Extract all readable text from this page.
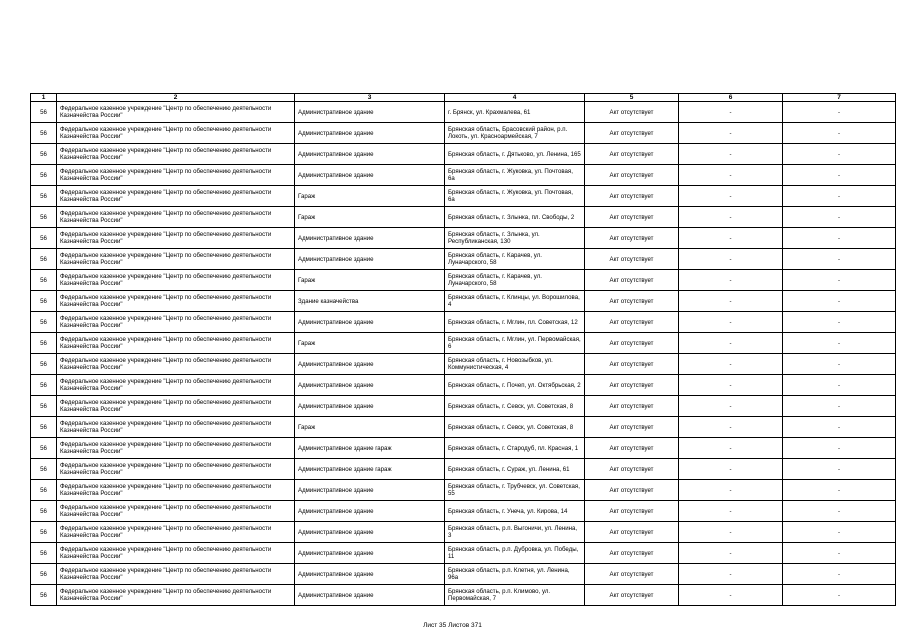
1	2	3	4	5	6	7
56	Федеральное казенное учреждение "Центр по обеспечению деятельности Казначейства России"	Административное здание	г. Брянск, ул. Крахмалева, 61	Акт отсутствует	-	-
56	Федеральное казенное учреждение "Центр по обеспечению деятельности Казначейства России"	Административное здание	Брянская область, Брасовский район, р.п. Локоть, ул. Красноармейская, 7	Акт отсутствует	-	-
56	Федеральное казенное учреждение "Центр по обеспечению деятельности Казначейства России"	Административное здание	Брянская область, г. Дятьково, ул. Ленина, 165	Акт отсутствует	-	-
56	Федеральное казенное учреждение "Центр по обеспечению деятельности Казначейства России"	Административное здание	Брянская область, г. Жуковка, ул. Почтовая, 6а	Акт отсутствует	-	-
56	Федеральное казенное учреждение "Центр по обеспечению деятельности Казначейства России"	Гараж	Брянская область, г. Жуковка, ул. Почтовая, 6а	Акт отсутствует	-	-
56	Федеральное казенное учреждение "Центр по обеспечению деятельности Казначейства России"	Гараж	Брянская область, г. Злынка, пл. Свободы, 2	Акт отсутствует	-	-
56	Федеральное казенное учреждение "Центр по обеспечению деятельности Казначейства России"	Административное здание	Брянская область, г. Злынка, ул. Республиканская, 130	Акт отсутствует	-	-
56	Федеральное казенное учреждение "Центр по обеспечению деятельности Казначейства России"	Административное здание	Брянская область, г. Карачев, ул. Луначарского, 58	Акт отсутствует	-	-
56	Федеральное казенное учреждение "Центр по обеспечению деятельности Казначейства России"	Гараж	Брянская область, г. Карачев, ул. Луначарского, 58	Акт отсутствует	-	-
56	Федеральное казенное учреждение "Центр по обеспечению деятельности Казначейства России"	Здание казначейства	Брянская область, г. Клинцы, ул. Ворошилова, 4	Акт отсутствует	-	-
56	Федеральное казенное учреждение "Центр по обеспечению деятельности Казначейства России"	Административное здание	Брянская область, г. Мглин, пл. Советская, 12	Акт отсутствует	-	-
56	Федеральное казенное учреждение "Центр по обеспечению деятельности Казначейства России"	Гараж	Брянская область, г. Мглин, ул. Первомайская, 6	Акт отсутствует	-	-
56	Федеральное казенное учреждение "Центр по обеспечению деятельности Казначейства России"	Административное здание	Брянская область, г. Новозыбков, ул. Коммунистическая, 4	Акт отсутствует	-	-
56	Федеральное казенное учреждение "Центр по обеспечению деятельности Казначейства России"	Административное здание	Брянская область, г. Почеп, ул. Октябрьская, 2	Акт отсутствует	-	-
56	Федеральное казенное учреждение "Центр по обеспечению деятельности Казначейства России"	Административное здание	Брянская область, г. Севск, ул. Советская, 8	Акт отсутствует	-	-
56	Федеральное казенное учреждение "Центр по обеспечению деятельности Казначейства России"	Гараж	Брянская область, г. Севск, ул. Советская, 8	Акт отсутствует	-	-
56	Федеральное казенное учреждение "Центр по обеспечению деятельности Казначейства России"	Административное здание гараж	Брянская область, г. Стародуб, пл. Красная, 1	Акт отсутствует	-	-
56	Федеральное казенное учреждение "Центр по обеспечению деятельности Казначейства России"	Административное здание гараж	Брянская область, г. Сураж, ул. Ленина, 61	Акт отсутствует	-	-
56	Федеральное казенное учреждение "Центр по обеспечению деятельности Казначейства России"	Административное здание	Брянская область, г. Трубчевск, ул. Советская, 55	Акт отсутствует	-	-
56	Федеральное казенное учреждение "Центр по обеспечению деятельности Казначейства России"	Административное здание	Брянская область, г. Унеча, ул. Кирова, 14	Акт отсутствует	-	-
56	Федеральное казенное учреждение "Центр по обеспечению деятельности Казначейства России"	Административное здание	Брянская область, р.п. Выгоничи, ул. Ленина, 3	Акт отсутствует	-	-
56	Федеральное казенное учреждение "Центр по обеспечению деятельности Казначейства России"	Административное здание	Брянская область, р.п. Дубровка, ул. Победы, 11	Акт отсутствует	-	-
56	Федеральное казенное учреждение "Центр по обеспечению деятельности Казначейства России"	Административное здание	Брянская область, р.п. Клетня, ул. Ленина, 96а	Акт отсутствует	-	-
56	Федеральное казенное учреждение "Центр по обеспечению деятельности Казначейства России"	Административное здание	Брянская область, р.п. Климово, ул. Первомайская, 7	Акт отсутствует	-	-
Лист 35 Листов 371
